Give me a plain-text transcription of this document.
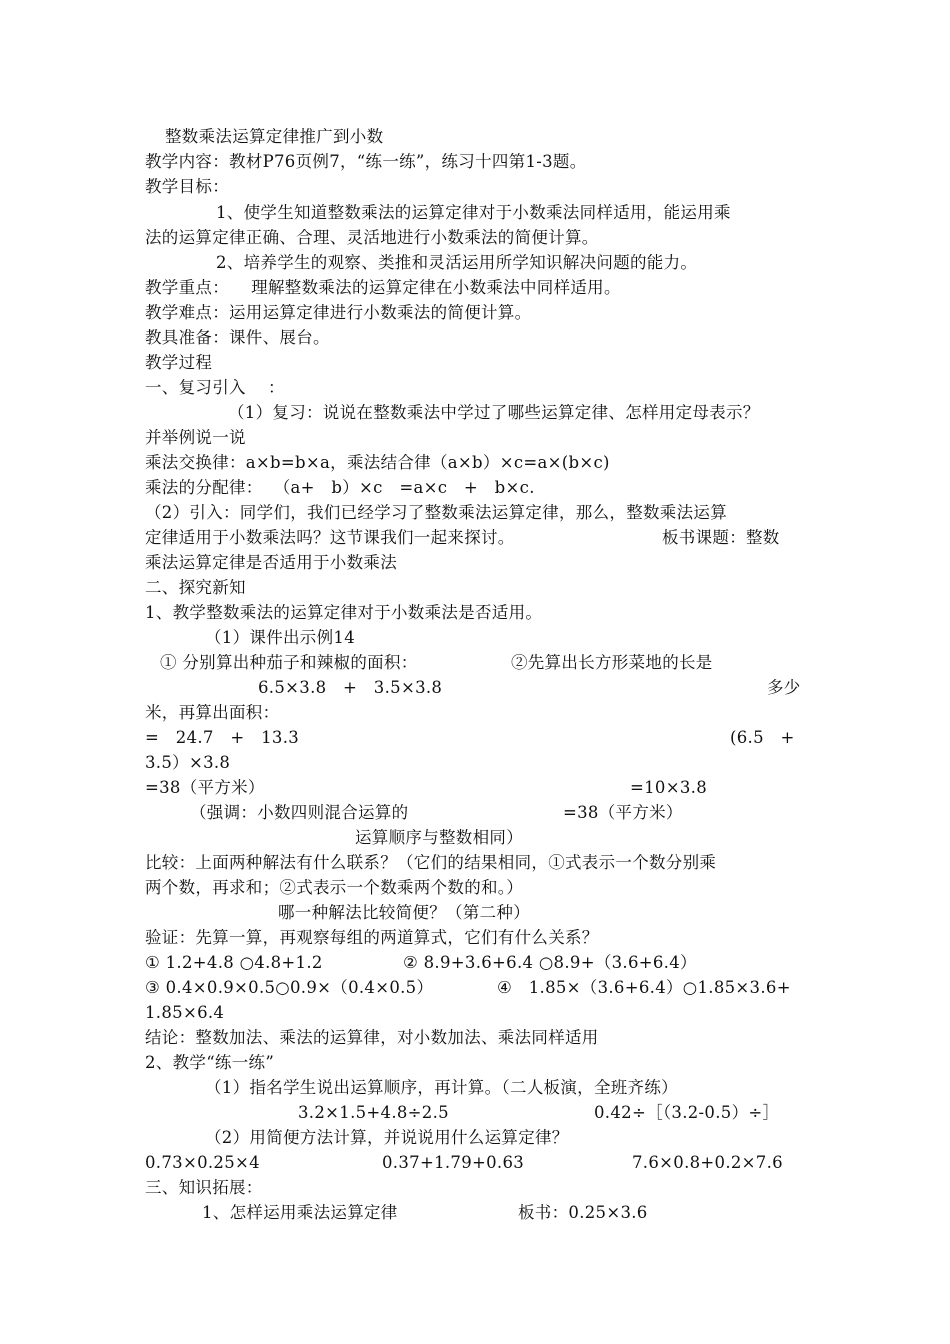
整数乘法运算定律推广到小数
教学内容：教材P76页例7，“练一练”，练习十四第1-3题。
教学目标：
1、使学生知道整数乘法的运算定律对于小数乘法同样适用，能运用乘
法的运算定律正确、合理、灵活地进行小数乘法的简便计算。
2、培养学生的观察、类推和灵活运用所学知识解决问题的能力。
教学重点：    理解整数乘法的运算定律在小数乘法中同样适用。
教学难点：运用运算定律进行小数乘法的简便计算。
教具准备：课件、展台。
教学过程
一、复习引入    ：
（1）复习：说说在整数乘法中学过了哪些运算定律、怎样用定母表示？
并举例说一说
乘法交换律：a×b=b×a，乘法结合律（a×b）×c=a×(b×c)
乘法的分配律：  （a+   b）×c   =a×c   +   b×c.
（2）引入：同学们，我们已经学习了整数乘法运算定律，那么，整数乘法运算
定律适用于小数乘法吗？这节课我们一起来探讨。	板书课题：整数
乘法运算定律是否适用于小数乘法
二、探究新知
1、教学整数乘法的运算定律对于小数乘法是否适用。
（1）课件出示例14
① 分别算出种茄子和辣椒的面积：	②先算出长方形菜地的长是
6.5×3.8   +   3.5×3.8	多少
米，再算出面积：
=   24.7   +   13.3	(6.5   +
3.5）×3.8
=38（平方米）	=10×3.8
（强调：小数四则混合运算的	=38（平方米）
运算顺序与整数相同）
比较：上面两种解法有什么联系？（它们的结果相同，①式表示一个数分别乘
两个数，再求和；②式表示一个数乘两个数的和。）
哪一种解法比较简便？（第二种）
验证：先算一算，再观察每组的两道算式，它们有什么关系？
① 1.2+4.8 ○4.8+1.2	② 8.9+3.6+6.4 ○8.9+（3.6+6.4）
③ 0.4×0.9×0.5○0.9×（0.4×0.5）	④   1.85×（3.6+6.4）○1.85×3.6+
1.85×6.4
结论：整数加法、乘法的运算律，对小数加法、乘法同样适用
2、教学“练一练”
（1）指名学生说出运算顺序，再计算。（二人板演，全班齐练）
3.2×1.5+4.8÷2.5	0.42÷［（3.2-0.5）÷］
（2）用简便方法计算，并说说用什么运算定律？
0.73×0.25×4	0.37+1.79+0.63	7.6×0.8+0.2×7.6
三、知识拓展：
1、怎样运用乘法运算定律	板书：0.25×3.6
